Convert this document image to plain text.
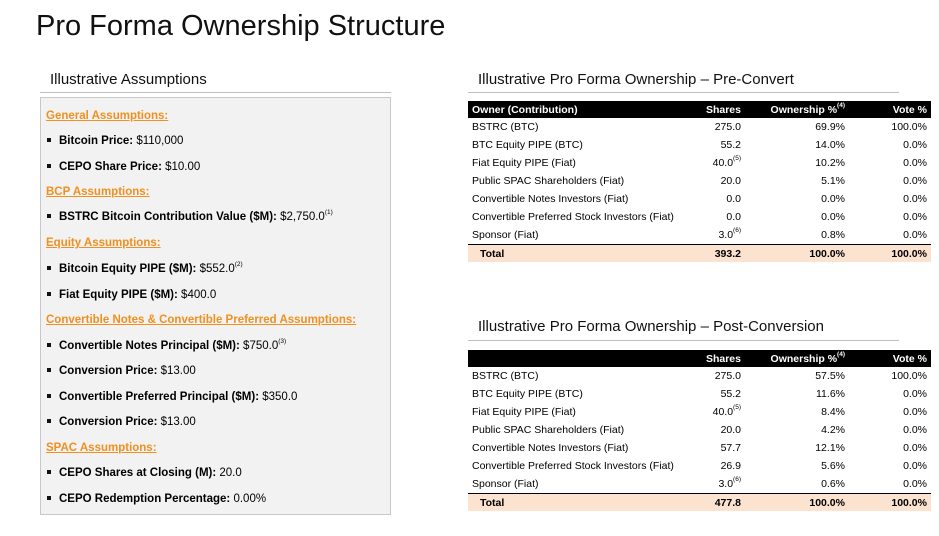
Pro Forma Ownership Structure
Illustrative Assumptions
General Assumptions:
Bitcoin Price: $110,000
CEPO Share Price: $10.00
BCP Assumptions:
BSTRC Bitcoin Contribution Value ($M): $2,750.0$^{(1)}$
Equity Assumptions:
Bitcoin Equity PIPE ($M): $552.0$^{(2)}$
Fiat Equity PIPE ($M): $400.0
Convertible Notes & Convertible Preferred Assumptions:
Convertible Notes Principal ($M): $750.0$^{(3)}$
Conversion Price: $13.00
Convertible Preferred Principal ($M): $350.0
Conversion Price: $13.00
SPAC Assumptions:
CEPO Shares at Closing (M): 20.0
CEPO Redemption Percentage: 0.00%
Illustrative Pro Forma Ownership – Pre-Convert
Owner (Contribution)	Shares	Ownership %$^{(4)}$	Vote %
BSTRC (BTC)	275.0	69.9%	100.0%
BTC Equity PIPE (BTC)	55.2	14.0%	0.0%
Fiat Equity PIPE (Fiat)	40.0$^{(5)}$	10.2%	0.0%
Public SPAC Shareholders (Fiat)	20.0	5.1%	0.0%
Convertible Notes Investors (Fiat)	0.0	0.0%	0.0%
Convertible Preferred Stock Investors (Fiat)	0.0	0.0%	0.0%
Sponsor (Fiat)	3.0$^{(6)}$	0.8%	0.0%
Total	393.2	100.0%	100.0%
Illustrative Pro Forma Ownership – Post-Conversion
	Shares	Ownership %$^{(4)}$	Vote %
BSTRC (BTC)	275.0	57.5%	100.0%
BTC Equity PIPE (BTC)	55.2	11.6%	0.0%
Fiat Equity PIPE (Fiat)	40.0$^{(5)}$	8.4%	0.0%
Public SPAC Shareholders (Fiat)	20.0	4.2%	0.0%
Convertible Notes Investors (Fiat)	57.7	12.1%	0.0%
Convertible Preferred Stock Investors (Fiat)	26.9	5.6%	0.0%
Sponsor (Fiat)	3.0$^{(6)}$	0.6%	0.0%
Total	477.8	100.0%	100.0%
